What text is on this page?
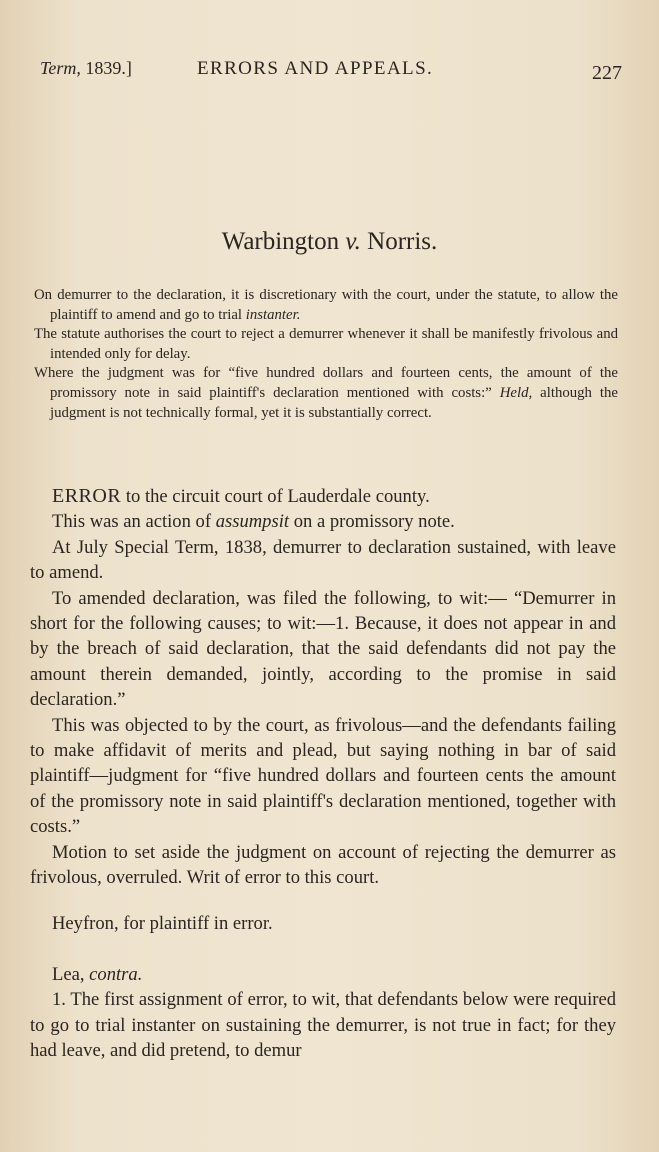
Term, 1839.]	ERRORS AND APPEALS.	227
Warbington v. Norris.

On demurrer to the declaration, it is discretionary with the court, under the statute, to allow the plaintiff to amend and go to trial instanter.

The statute authorises the court to reject a demurrer whenever it shall be manifestly frivolous and intended only for delay.

Where the judgment was for “five hundred dollars and fourteen cents, the amount of the promissory note in said plaintiff's declaration mentioned with costs:” Held, although the judgment is not technically formal, yet it is substantially correct.

ERROR to the circuit court of Lauderdale county.

This was an action of assumpsit on a promissory note.

At July Special Term, 1838, demurrer to declaration sustained, with leave to amend.

To amended declaration, was filed the following, to wit:— “Demurrer in short for the following causes; to wit:—1. Because, it does not appear in and by the breach of said declaration, that the said defendants did not pay the amount therein demanded, jointly, according to the promise in said declaration.”

This was objected to by the court, as frivolous—and the defendants failing to make affidavit of merits and plead, but saying nothing in bar of said plaintiff—judgment for “five hundred dollars and fourteen cents the amount of the promissory note in said plaintiff's declaration mentioned, together with costs.”

Motion to set aside the judgment on account of rejecting the demurrer as frivolous, overruled. Writ of error to this court.

Heyfron, for plaintiff in error.

Lea, contra.

1. The first assignment of error, to wit, that defendants below were required to go to trial instanter on sustaining the demurrer, is not true in fact; for they had leave, and did pretend, to demur
